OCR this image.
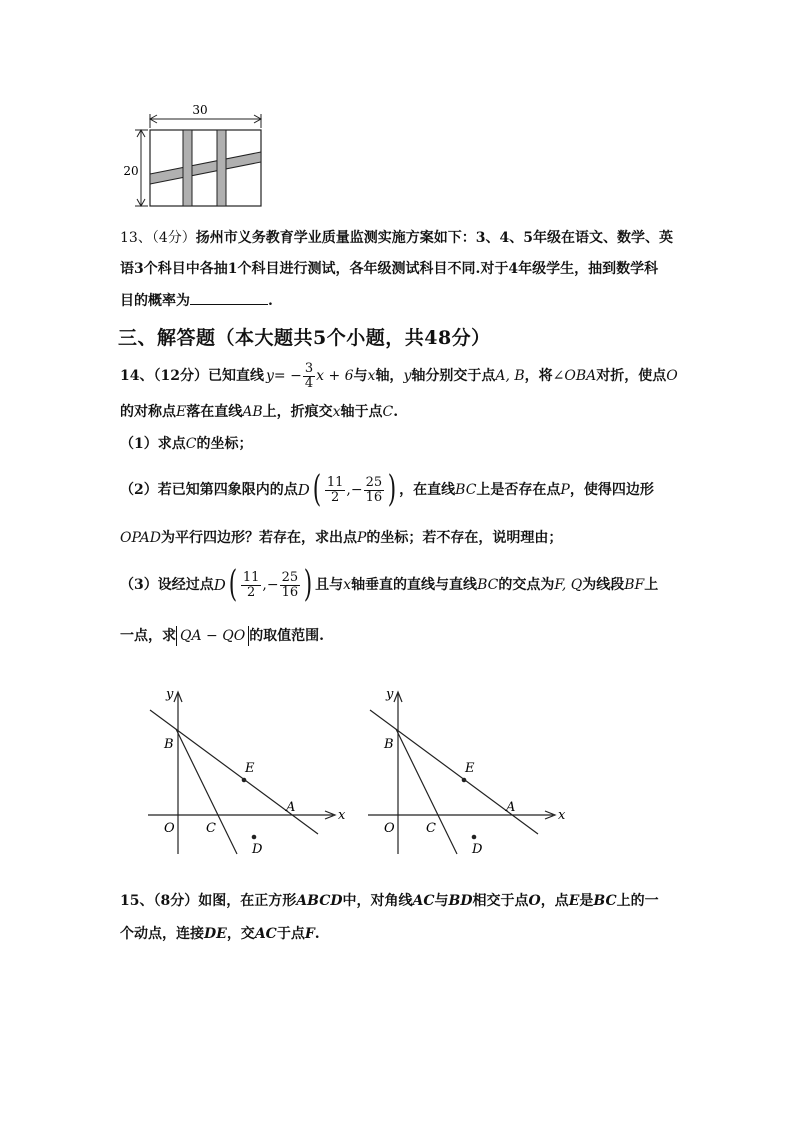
30
20
13、（4分）扬州市义务教育学业质量监测实施方案如下：3、4、5年级在语文、数学、英
语3个科目中各抽1个科目进行测试，各年级测试科目不同.对于4年级学生，抽到数学科
目的概率为	.
三、解答题（本大题共5个小题，共48分）
14、（12分）已知直线 y = − $\frac{3}{4}$ x + 6 与 x 轴， y 轴分别交于点 A, B ，将 ∠OBA 对折，使点 O
的对称点E落在直线AB上，折痕交x轴于点C.
（1）求点C的坐标；
（2）若已知第四象限内的点 D ( $\frac{11}{2}$ ,− $\frac{25}{16}$ ) ，在直线 BC 上是否存在点 P ，使得四边形
OPAD为平行四边形？若存在，求出点P的坐标；若不存在，说明理由；
（3）设经过点 D ( $\frac{11}{2}$ ,− $\frac{25}{16}$ ) 且与 x 轴垂直的直线与直线 BC 的交点为 F, Q 为线段 BF 上
一点，求 QA − QO 的取值范围.
y
x
B
E
A
O C
D
y
x
B
E
A
O C
D
15、（8分）如图，在正方形ABCD中，对角线AC与BD相交于点O，点E是BC上的一
个动点，连接DE，交AC于点F.
